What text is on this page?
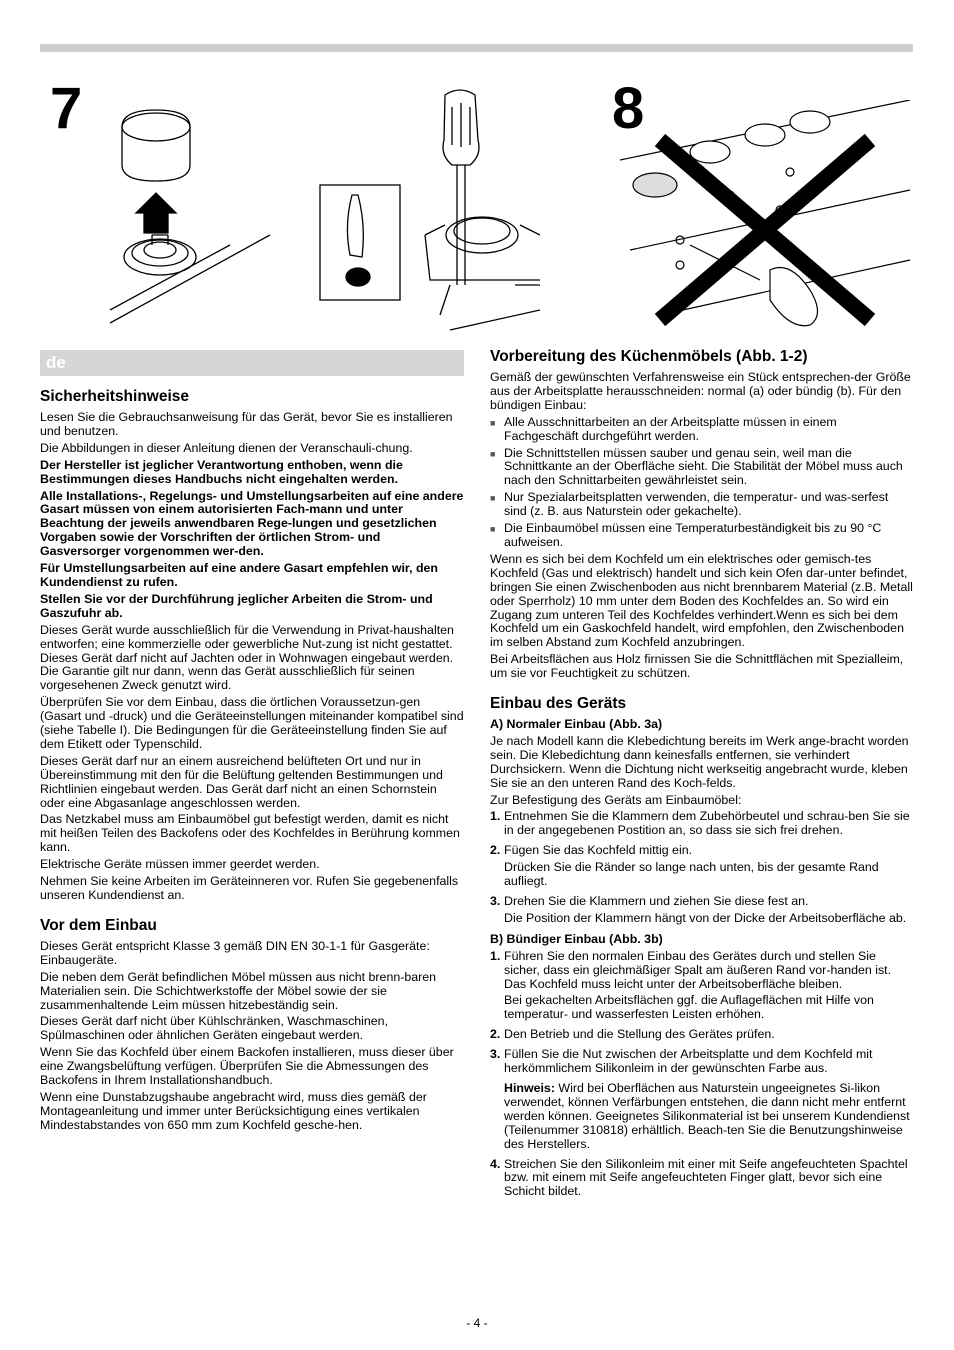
7	8
de
Sicherheitshinweise

Lesen Sie die Gebrauchsanweisung für das Gerät, bevor Sie es installieren und benutzen.

Die Abbildungen in dieser Anleitung dienen der Veranschauli-chung.

Der Hersteller ist jeglicher Verantwortung enthoben, wenn die Bestimmungen dieses Handbuchs nicht eingehalten werden.

Alle Installations-, Regelungs- und Umstellungsarbeiten auf eine andere Gasart müssen von einem autorisierten Fach-mann und unter Beachtung der jeweils anwendbaren Rege-lungen und gesetzlichen Vorgaben sowie der Vorschriften der örtlichen Strom- und Gasversorger vorgenommen wer-den.

Für Umstellungsarbeiten auf eine andere Gasart empfehlen wir, den Kundendienst zu rufen.

Stellen Sie vor der Durchführung jeglicher Arbeiten die Strom- und Gaszufuhr ab.

Dieses Gerät wurde ausschließlich für die Verwendung in Privat-haushalten entworfen; eine kommerzielle oder gewerbliche Nut-zung ist nicht gestattet. Dieses Gerät darf nicht auf Jachten oder in Wohnwagen eingebaut werden. Die Garantie gilt nur dann, wenn das Gerät ausschließlich für seinen vorgesehenen Zweck genutzt wird.

Überprüfen Sie vor dem Einbau, dass die örtlichen Voraussetzun-gen (Gasart und -druck) und die Geräteeinstellungen miteinander kompatibel sind (siehe Tabelle I). Die Bedingungen für die Geräteeinstellung finden Sie auf dem Etikett oder Typenschild.

Dieses Gerät darf nur an einem ausreichend belüfteten Ort und nur in Übereinstimmung mit den für die Belüftung geltenden Bestimmungen und Richtlinien eingebaut werden. Das Gerät darf nicht an einen Schornstein oder eine Abgasanlage angeschlossen werden.

Das Netzkabel muss am Einbaumöbel gut befestigt werden, damit es nicht mit heißen Teilen des Backofens oder des Kochfeldes in Berührung kommen kann.

Elektrische Geräte müssen immer geerdet werden.

Nehmen Sie keine Arbeiten im Geräteinneren vor. Rufen Sie gegebenenfalls unseren Kundendienst an.

Vor dem Einbau

Dieses Gerät entspricht Klasse 3 gemäß DIN EN 30-1-1 für Gasgeräte: Einbaugeräte.

Die neben dem Gerät befindlichen Möbel müssen aus nicht brenn-baren Materialien sein. Die Schichtwerkstoffe der Möbel sowie der sie zusammenhaltende Leim müssen hitzebeständig sein.

Dieses Gerät darf nicht über Kühlschränken, Waschmaschinen, Spülmaschinen oder ähnlichen Geräten eingebaut werden.

Wenn Sie das Kochfeld über einem Backofen installieren, muss dieser über eine Zwangsbelüftung verfügen. Überprüfen Sie die Abmessungen des Backofens in Ihrem Installationshandbuch.

Wenn eine Dunstabzugshaube angebracht wird, muss dies gemäß der Montageanleitung und immer unter Berücksichtigung eines vertikalen Mindestabstandes von 650 mm zum Kochfeld gesche-hen.

Vorbereitung des Küchenmöbels (Abb. 1-2)

Gemäß der gewünschten Verfahrensweise ein Stück entsprechen-der Größe aus der Arbeitsplatte herausschneiden: normal (a) oder bündig (b). Für den bündigen Einbau:

■ Alle Ausschnittarbeiten an der Arbeitsplatte müssen in einem Fachgeschäft durchgeführt werden.
■ Die Schnittstellen müssen sauber und genau sein, weil man die Schnittkante an der Oberfläche sieht. Die Stabilität der Möbel muss auch nach den Schnittarbeiten gewährleistet sein.
■ Nur Spezialarbeitsplatten verwenden, die temperatur- und was-serfest sind (z. B. aus Naturstein oder gekachelte).
■ Die Einbaumöbel müssen eine Temperaturbeständigkeit bis zu 90 °C aufweisen.

Wenn es sich bei dem Kochfeld um ein elektrisches oder gemisch-tes Kochfeld (Gas und elektrisch) handelt und sich kein Ofen dar-unter befindet, bringen Sie einen Zwischenboden aus nicht brennbarem Material (z.B. Metall oder Sperrholz) 10 mm unter dem Boden des Kochfeldes an. So wird ein Zugang zum unteren Teil des Kochfeldes verhindert.Wenn es sich bei dem Kochfeld um ein Gaskochfeld handelt, wird empfohlen, den Zwischenboden im selben Abstand zum Kochfeld anzubringen.

Bei Arbeitsflächen aus Holz firnissen Sie die Schnittflächen mit Spezialleim, um sie vor Feuchtigkeit zu schützen.

Einbau des Geräts
A) Normaler Einbau (Abb. 3a)

Je nach Modell kann die Klebedichtung bereits im Werk ange-bracht worden sein. Die Klebedichtung dann keinesfalls entfernen, sie verhindert Durchsickern. Wenn die Dichtung nicht werkseitig angebracht wurde, kleben Sie sie an den unteren Rand des Koch-felds.

Zur Befestigung des Geräts am Einbaumöbel:

1. Entnehmen Sie die Klammern dem Zubehörbeutel und schrau-ben Sie sie in der angegebenen Postition an, so dass sie sich frei drehen.

2. Fügen Sie das Kochfeld mittig ein.

Drücken Sie die Ränder so lange nach unten, bis der gesamte Rand aufliegt.

3. Drehen Sie die Klammern und ziehen Sie diese fest an.

Die Position der Klammern hängt von der Dicke der Arbeitsoberfläche ab.

B) Bündiger Einbau (Abb. 3b)
1. Führen Sie den normalen Einbau des Gerätes durch und stellen Sie sicher, dass ein gleichmäßiger Spalt am äußeren Rand vor-handen ist. Das Kochfeld muss leicht unter der Arbeitsoberfläche bleiben.

Bei gekachelten Arbeitsflächen ggf. die Auflageflächen mit Hilfe von temperatur- und wasserfesten Leisten erhöhen.

2. Den Betrieb und die Stellung des Gerätes prüfen.

3. Füllen Sie die Nut zwischen der Arbeitsplatte und dem Kochfeld mit herkömmlichem Silikonleim in der gewünschten Farbe aus.

Hinweis: Wird bei Oberflächen aus Naturstein ungeeignetes Si-likon verwendet, können Verfärbungen entstehen, die dann nicht mehr entfernt werden können. Geeignetes Silikonmaterial ist bei unserem Kundendienst (Teilenummer 310818) erhältlich. Beach-ten Sie die Benutzungshinweise des Herstellers.

4. Streichen Sie den Silikonleim mit einer mit Seife angefeuchteten Spachtel bzw. mit einem mit Seife angefeuchteten Finger glatt, bevor sich eine Schicht bildet.

- 4 -
